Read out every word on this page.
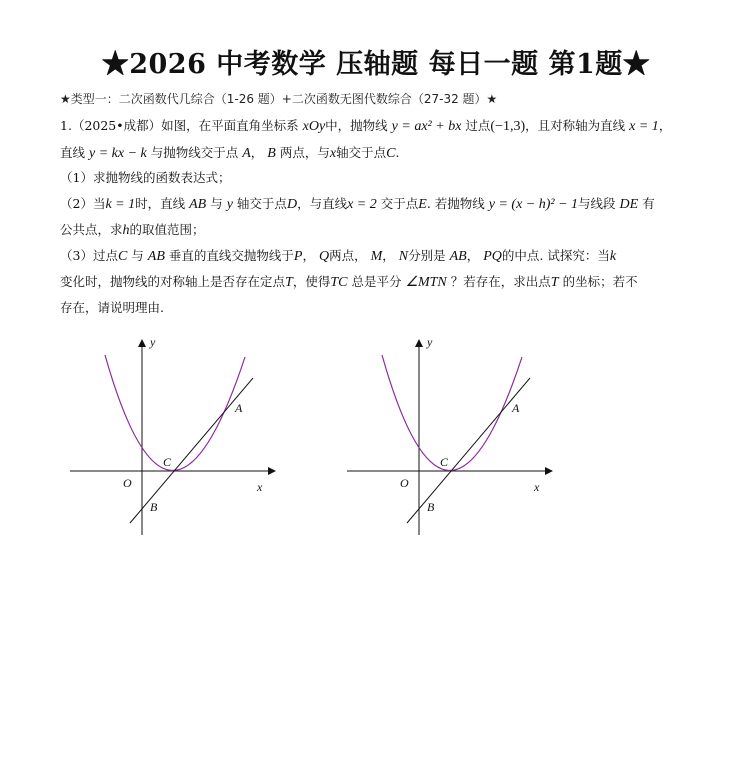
★2026 中考数学 压轴题 每日一题 第1题★
★类型一：二次函数代几综合（1-26 题）+二次函数无图代数综合（27-32 题）★
1.（2025•成都）如图，在平面直角坐标系 xOy中，抛物线 y = ax² + bx 过点(−1,3)，且对称轴为直线 x = 1，
直线 y = kx − k 与抛物线交于点 A， B 两点，与x轴交于点C.
（1）求抛物线的函数表达式；
（2）当k = 1时，直线 AB 与 y 轴交于点D，与直线x = 2 交于点E. 若抛物线 y = (x − h)² − 1与线段 DE 有
公共点，求h的取值范围；
（3）过点C 与 AB 垂直的直线交抛物线于P， Q两点， M， N分别是 AB， PQ的中点. 试探究：当k
变化时，抛物线的对称轴上是否存在定点T，使得TC 总是平分 ∠MTN ？若存在，求出点T 的坐标；若不
存在，请说明理由.
y
x
O
A
B
C
y
x
O
A
B
C
